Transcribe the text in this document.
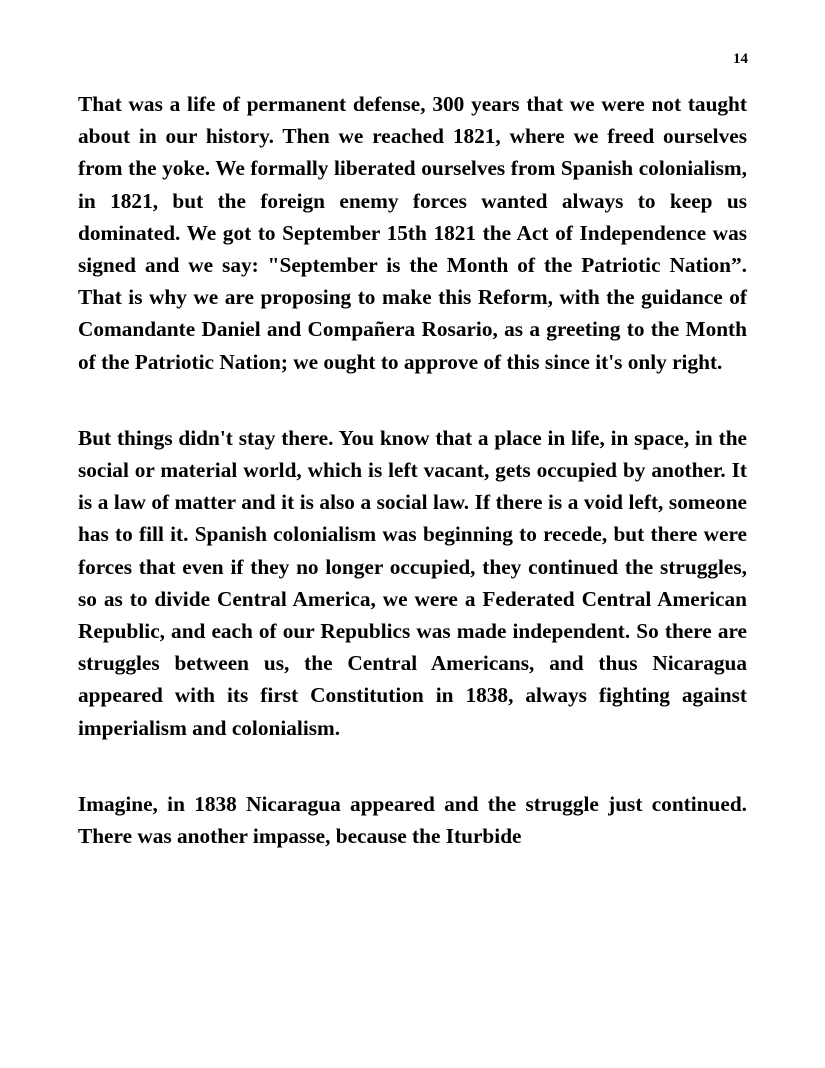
14

That was a life of permanent defense, 300 years that we were not taught about in our history. Then we reached 1821, where we freed ourselves from the yoke. We formally liberated ourselves from Spanish colonialism, in 1821, but the foreign enemy forces wanted always to keep us dominated. We got to September 15th 1821 the Act of Independence was signed and we say: "September is the Month of the Patriotic Nation”. That is why we are proposing to make this Reform, with the guidance of Comandante Daniel and Compañera Rosario, as a greeting to the Month of the Patriotic Nation; we ought to approve of this since it's only right.

But things didn't stay there. You know that a place in life, in space, in the social or material world, which is left vacant, gets occupied by another. It is a law of matter and it is also a social law. If there is a void left, someone has to fill it. Spanish colonialism was beginning to recede, but there were forces that even if they no longer occupied, they continued the struggles, so as to divide Central America, we were a Federated Central American Republic, and each of our Republics was made independent. So there are struggles between us, the Central Americans, and thus Nicaragua appeared with its first Constitution in 1838, always fighting against imperialism and colonialism.

Imagine, in 1838 Nicaragua appeared and the struggle just continued. There was another impasse, because the Iturbide
